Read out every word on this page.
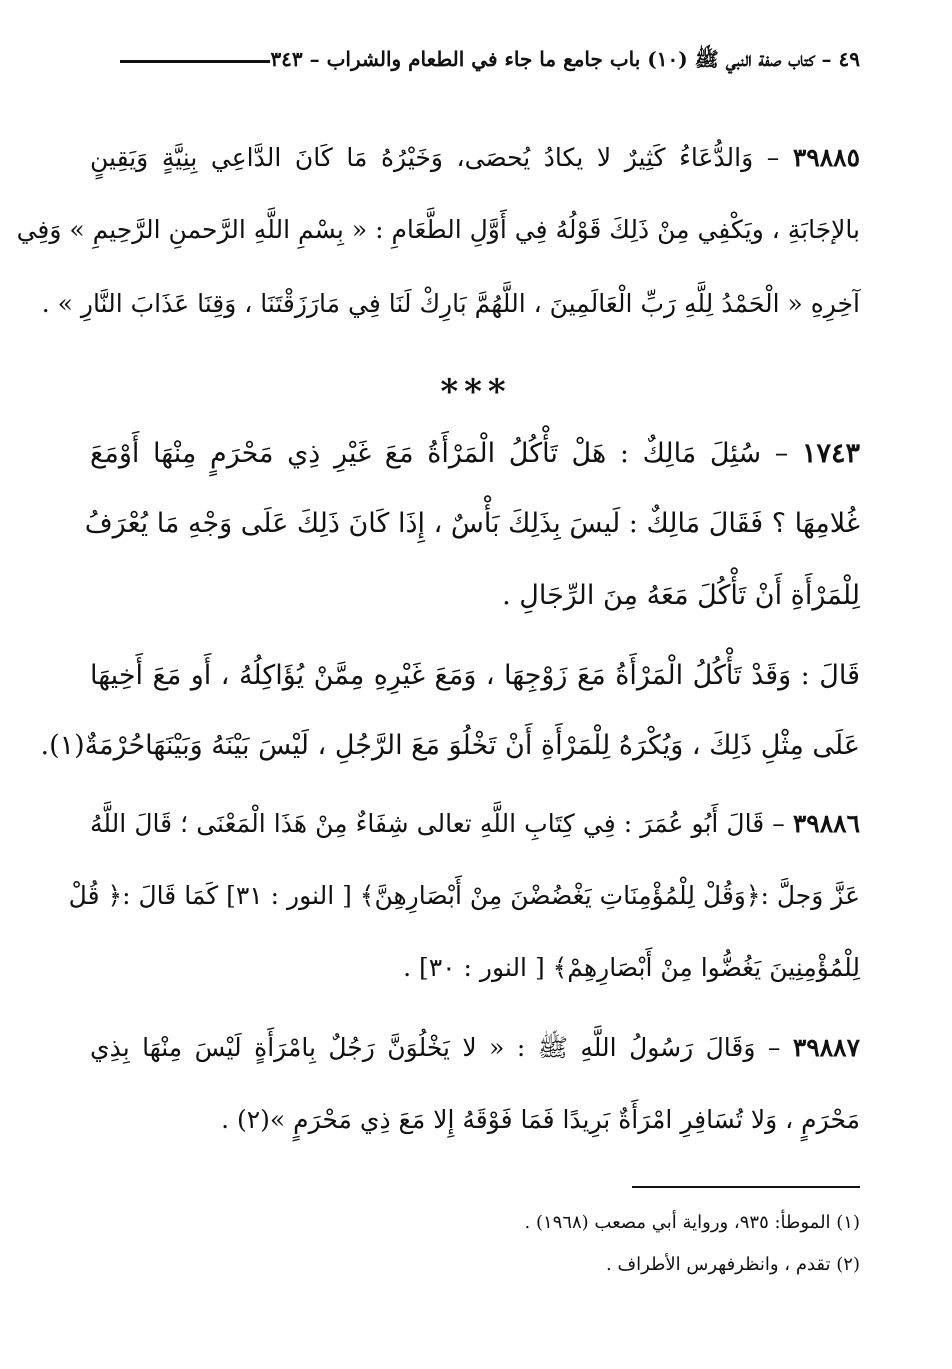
٤٩ – كتاب صفة النبي ﷺ (١٠) باب جامع ما جاء في الطعام والشراب – ٣٤٣
٣٩٨٨٥ – وَالدُّعَاءُ كَثِيرٌ لا يكادُ يُحصَى، وَخَيْرُهُ مَا كَانَ الدَّاعِي بِنِيَّةٍ وَيَقِينٍ
بالإجَابَةِ ، ويَكْفِي مِنْ ذَلِكَ قَوْلُهُ فِي أَوَّلِ الطَّعَامِ : « بِسْمِ اللَّهِ الرَّحمنِ الرَّحِيمِ » وَفِي
آخِرِهِ « الْحَمْدُ لِلَّهِ رَبِّ الْعَالَمِينَ ، اللَّهُمَّ بَارِكْ لَنَا فِي مَارَزَقْتَنَا ، وَقِنَا عَذَابَ النَّارِ » .
***
١٧٤٣ – سُئِلَ مَالِكٌ : هَلْ تَأْكُلُ الْمَرْأَةُ مَعَ غَيْرِ ذِي مَحْرَمٍ مِنْهَا أَوْمَعَ
غُلامِهَا ؟ فَقَالَ مَالِكٌ : لَيسَ بِذَلِكَ بَأْسٌ ، إِذَا كَانَ ذَلِكَ عَلَى وَجْهِ مَا يُعْرَفُ
لِلْمَرْأَةِ أَنْ تَأْكُلَ مَعَهُ مِنَ الرِّجَالِ .
قَالَ : وَقَدْ تَأْكُلُ الْمَرْأَةُ مَعَ زَوْجِهَا ، وَمَعَ غَيْرِهِ مِمَّنْ يُؤَاكِلُهُ ، أَو مَعَ أَخِيهَا
عَلَى مِثْلِ ذَلِكَ ، وَيُكْرَهُ لِلْمَرْأَةِ أَنْ تَخْلُوَ مَعَ الرَّجُلِ ، لَيْسَ بَيْنَهُ وَبَيْنَهَاحُرْمَةٌ(١).
٣٩٨٨٦ – قَالَ أَبُو عُمَرَ : فِي كِتَابِ اللَّهِ تعالى شِفَاءٌ مِنْ هَذَا الْمَعْنَى ؛ قَالَ اللَّهُ
عَزَّ وَجلَّ :﴿وَقُلْ لِلْمُؤْمِنَاتِ يَغْضُضْنَ مِنْ أَبْصَارِهِنَّ﴾ [ النور : ٣١] كَمَا قَالَ :﴿ قُلْ
لِلْمُؤْمِنِينَ يَغُضُّوا مِنْ أَبْصَارِهِمْ﴾ [ النور : ٣٠] .
٣٩٨٨٧ – وَقَالَ رَسُولُ اللَّهِ ﷺ : « لا يَخْلُوَنَّ رَجُلٌ بِامْرَأَةٍ لَيْسَ مِنْهَا بِذِي
مَحْرَمٍ ، وَلا تُسَافِرِ امْرَأَةٌ بَرِيدًا فَمَا فَوْقَهُ إِلا مَعَ ذِي مَحْرَمٍ »(٢) .
(١) الموطأ: ٩٣٥، ورواية أبي مصعب (١٩٦٨) .
(٢) تقدم ، وانظرفهرس الأطراف .
